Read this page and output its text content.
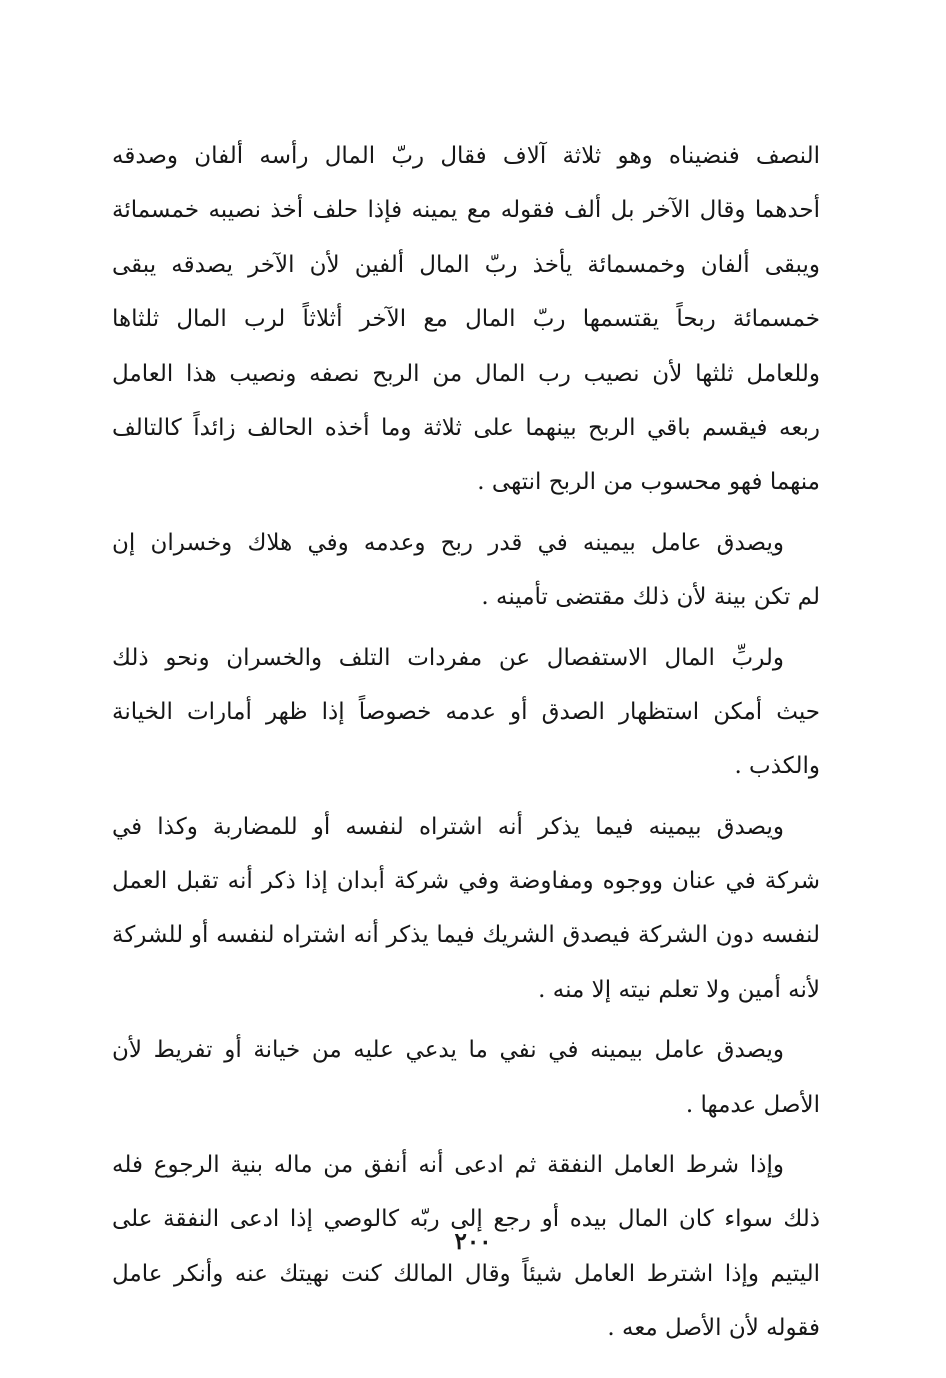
النصف فنضيناه وهو ثلاثة آلاف فقال ربّ المال رأسه ألفان وصدقه
أحدهما وقال الآخر بل ألف فقوله مع يمينه فإذا حلف أخذ نصيبه خمسمائة
ويبقى ألفان وخمسمائة يأخذ ربّ المال ألفين لأن الآخر يصدقه يبقى
خمسمائة ربحاً يقتسمها ربّ المال مع الآخر أثلاثاً لرب المال ثلثاها
وللعامل ثلثها لأن نصيب رب المال من الربح نصفه ونصيب هذا العامل
ربعه فيقسم باقي الربح بينهما على ثلاثة وما أخذه الحالف زائداً كالتالف
منهما فهو محسوب من الربح انتهى .
ويصدق عامل بيمينه في قدر ربح وعدمه وفي هلاك وخسران إن
لم تكن بينة لأن ذلك مقتضى تأمينه .
ولربِّ المال الاستفصال عن مفردات التلف والخسران ونحو ذلك
حيث أمكن استظهار الصدق أو عدمه خصوصاً إذا ظهر أمارات الخيانة
والكذب .
ويصدق بيمينه فيما يذكر أنه اشتراه لنفسه أو للمضاربة وكذا في
شركة في عنان ووجوه ومفاوضة وفي شركة أبدان إذا ذكر أنه تقبل العمل
لنفسه دون الشركة فيصدق الشريك فيما يذكر أنه اشتراه لنفسه أو للشركة
لأنه أمين ولا تعلم نيته إلا منه .
ويصدق عامل بيمينه في نفي ما يدعي عليه من خيانة أو تفريط لأن
الأصل عدمها .
وإذا شرط العامل النفقة ثم ادعى أنه أنفق من ماله بنية الرجوع فله
ذلك سواء كان المال بيده أو رجع إلى ربّه كالوصي إذا ادعى النفقة على
اليتيم وإذا اشترط العامل شيئاً وقال المالك كنت نهيتك عنه وأنكر عامل
فقوله لأن الأصل معه .
٢٠٠
